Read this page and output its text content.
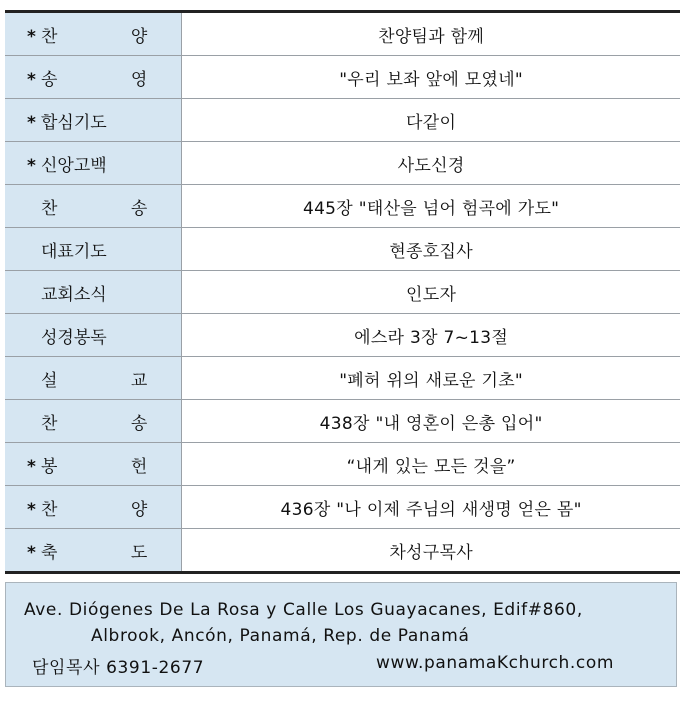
* 찬 양	찬양팀과 함께
* 송 영	"우리 보좌 앞에 모였네"
* 합심기도	다같이
* 신앙고백	사도신경
찬 송	445장 "태산을 넘어 험곡에 가도"
대표기도	현종호집사
교회소식	인도자
성경봉독	에스라 3장 7~13절
설 교	"폐허 위의 새로운 기초"
찬 송	438장 "내 영혼이 은총 입어"
* 봉 헌	“내게 있는 모든 것을”
* 찬 양	436장 "나 이제 주님의 새생명 얻은 몸"
* 축 도	차성구목사
Ave. Diógenes De La Rosa y Calle Los Guayacanes, Edif#860,
Albrook, Ancón, Panamá, Rep. de Panamá
담임목사 6391-2677	www.panamaKchurch.com
